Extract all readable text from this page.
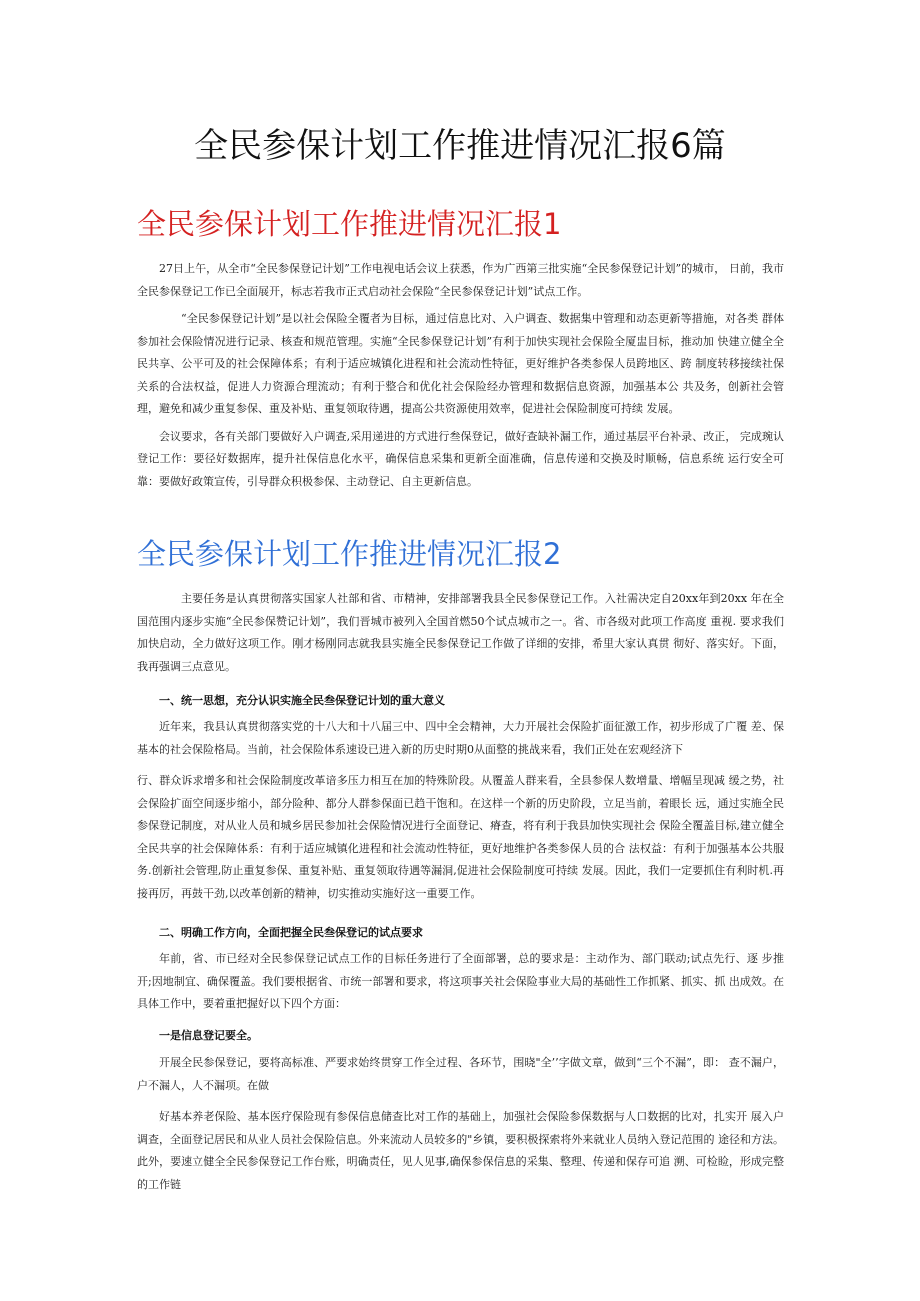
全民参保计划工作推进情况汇报6篇
全民参保计划工作推进情况汇报1

27日上午，从全市“全民参保登记计划”工作电视电话会议上获悉，作为广西第三批实施“全民参保登记计划”的城市， 日前，我市全民参保登记工作已全面展开，标志若我市正式启动社会保险“全民参保登记计划”试点工作。

“全民参保登记计划”是以社会保险全覆者为目标，通过信息比对、入户调查、数据集中管理和动态更新等措施，对各类 群体参加社会保险情况进行记录、核查和规范管理。实施“全民参保登记计划”有利于加快实现社会保险全厦盅目标，推动加 快建立健全全民共享、公平可及的社会保障体系；有利于适应城镇化进程和社会流动性特征，更好维护各类参保人员跨地区、跨 制度转移接续社保关系的合法权益，促进人力资源合理流动；有利于整合和优化社会保险经办管理和数据信息资源，加强基本公 共及务，创新社会管理，避免和减少重复参保、重及补贴、重复领取待遇，提高公共资源使用效率，促进社会保险制度可持续 发展。

会议要求，各有关部门要做好入户调查,采用递进的方式进行叁保登记，做好查缺补漏工作，通过基层平台补录、改正， 完成琬认登记工作：要径好数据库，提升社保信息化水平，确保信息采集和更新全面准确，信息传递和交换及时顺畅，信息系统 运行安全可靠：要做好政策宣传，引导群众积极参保、主动登记、自主更新信息。

全民参保计划工作推进情况汇报2

主要任务是认真贯彻落实国家人社部和省、市精神，安排部署我县全民参保登记工作。入社需决定自20xx年到20xx 年在全国范围内逐步实施“全民参保赞记计划”，我们晋城市被列入全国首燃50个试点城市之一。省、市各级对此项工作高度 重视. 要求我们加快启动，全力做好这项工作。刚才杨刚同志就我县实施全民参保登记工作做了详细的安排，希里大家认真贯 彻好、落实好。下面，我再强调三点意见。

一、统一思想，充分认识实施全民叁保登记计划的重大意义

近年来，我县认真贯彻落实党的十八大和十八届三中、四中全会精神，大力开展社会保险扩面征激工作，初步形成了广覆 差、保基本的社会保险格局。当前，社会保险体系速设已进入新的历史时期0从面整的挑战来看，我们正处在宏观经济下

行、群众诉求增多和社会保险制度改革谙多压力相互在加的特殊阶段。从覆盖人群来看，全县参保人数增量、增幅呈现减 缓之势，社会保险扩面空间逐步缩小，部分险种、都分人群参保面已趋干饱和。在这样一个新的历史阶段，立足当前，着眼长 远，通过实施全民参保登记制度，对从业人员和城乡居民参加社会保险情况进行全面登记、瘠查，将有利于我县加快实现社会 保险全覆盖目标,建立健全全民共享的社会保障体系：有利于适应城镇化进程和社会流动性特征，更好地维护各类参保人员的合 法权益：有利于加强基本公共服务.创新社会管理,防止重复参保、重复补贴、重复领取待遇等漏洞,促进社会保险制度可持续 发展。因此，我们一定要抓住有利时机.再接再厉，再鼓干劲,以改革创新的精神，切实推动实施好这一重要工作。

二、明确工作方向，全面把握全民叁保登记的试点要求

年前，省、市已经对全民参保登记试点工作的目标任务进行了全面部署，总的要求是：主动作为、部门联动;试点先行、逐 步推开;因地制宜、确保覆盖。我们要根据省、市统一部署和要求，将这项事关社会保险事业大局的基础性工作抓紧、抓实、抓 出成效。在具体工作中，要着重把握好以下四个方面：

一是信息登记要全。

开展全民参保登记，要将高标准、严要求始终贯穿工作全过程、各环节，围晓"全’’字做文章，做到“三个不漏”，即： 查不漏户，户不漏人，人不漏项。在做

好基本养老保险、基本医疗保险现有参保信息储查比对工作的基础上，加强社会保险参保数据与人口数据的比对，扎实开 展入户调查，全面登记居民和从业人员社会保险信息。外来流动人员较多的"乡镇，要积极探索将外来就业人员纳入登记范围的 途径和方法。此外，要速立健全全民参保登记工作台账，明确责任，见人见事,确保参保信息的采集、整理、传递和保存可追 溯、可检睑，形成完整的工作链
